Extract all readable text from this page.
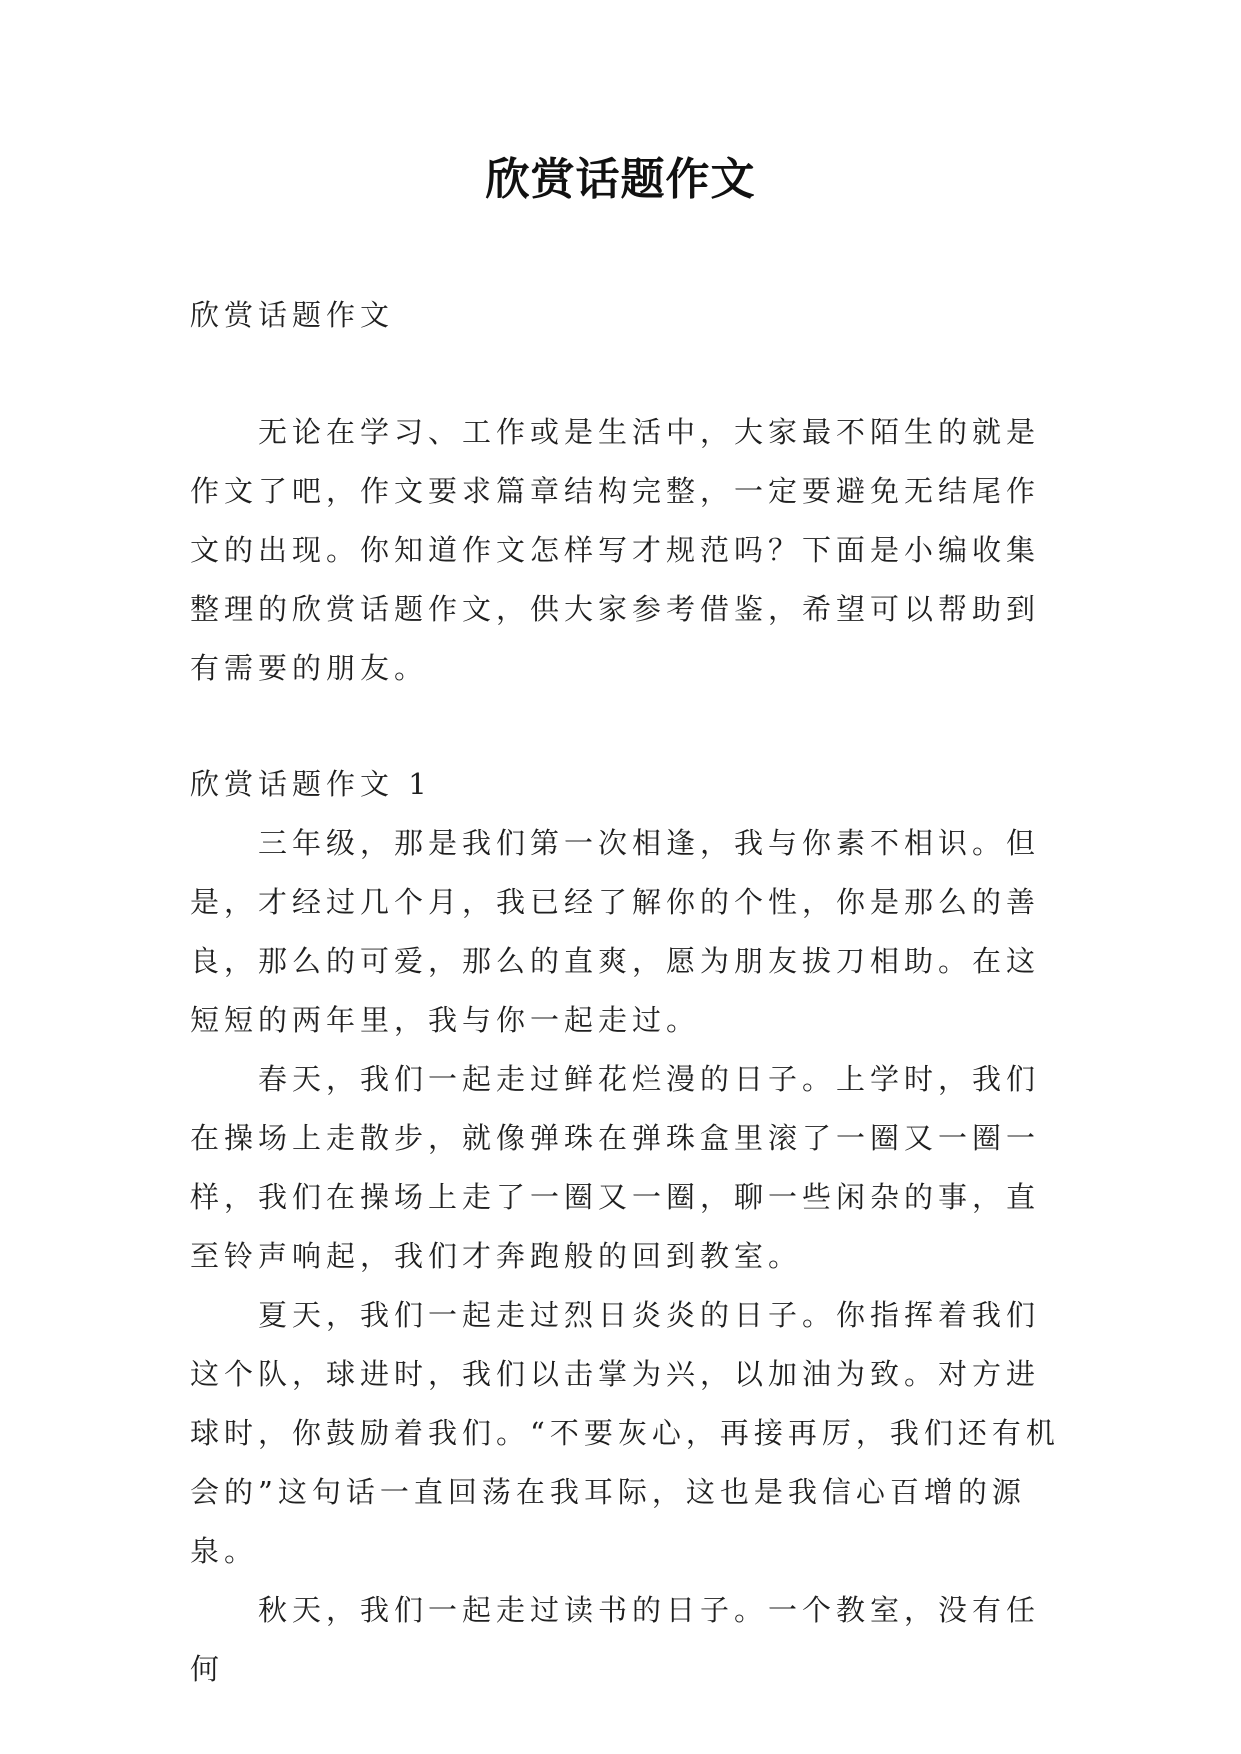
欣赏话题作文
欣赏话题作文

无论在学习、工作或是生活中，大家最不陌生的就是作文了吧，作文要求篇章结构完整，一定要避免无结尾作文的出现。你知道作文怎样写才规范吗？下面是小编收集整理的欣赏话题作文，供大家参考借鉴，希望可以帮助到有需要的朋友。

欣赏话题作文 1

三年级，那是我们第一次相逢，我与你素不相识。但是，才经过几个月，我已经了解你的个性，你是那么的善良，那么的可爱，那么的直爽，愿为朋友拔刀相助。在这短短的两年里，我与你一起走过。

春天，我们一起走过鲜花烂漫的日子。上学时，我们在操场上走散步，就像弹珠在弹珠盒里滚了一圈又一圈一样，我们在操场上走了一圈又一圈，聊一些闲杂的事，直至铃声响起，我们才奔跑般的回到教室。

夏天，我们一起走过烈日炎炎的日子。你指挥着我们这个队，球进时，我们以击掌为兴，以加油为致。对方进球时，你鼓励着我们。“不要灰心，再接再厉，我们还有机会的”这句话一直回荡在我耳际，这也是我信心百增的源泉。

秋天，我们一起走过读书的日子。一个教室，没有任何
